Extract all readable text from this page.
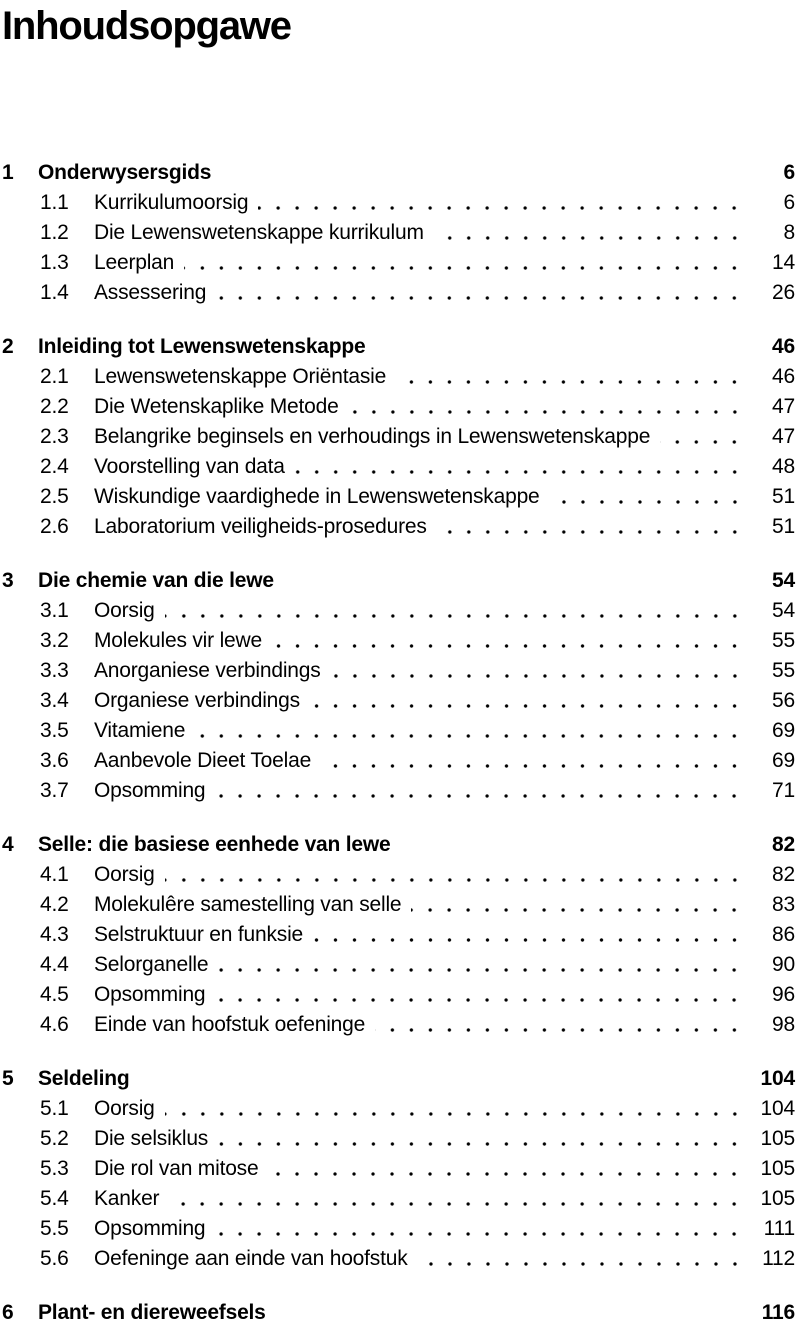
Inhoudsopgawe
1	Onderwysersgids	6
1.1	Kurrikulumoorsig	6
1.2	Die Lewenswetenskappe kurrikulum	8
1.3	Leerplan	14
1.4	Assessering	26
2	Inleiding tot Lewenswetenskappe	46
2.1	Lewenswetenskappe Oriëntasie	46
2.2	Die Wetenskaplike Metode	47
2.3	Belangrike beginsels en verhoudings in Lewenswetenskappe	47
2.4	Voorstelling van data	48
2.5	Wiskundige vaardighede in Lewenswetenskappe	51
2.6	Laboratorium veiligheids-prosedures	51
3	Die chemie van die lewe	54
3.1	Oorsig	54
3.2	Molekules vir lewe	55
3.3	Anorganiese verbindings	55
3.4	Organiese verbindings	56
3.5	Vitamiene	69
3.6	Aanbevole Dieet Toelae	69
3.7	Opsomming	71
4	Selle: die basiese eenhede van lewe	82
4.1	Oorsig	82
4.2	Molekulêre samestelling van selle	83
4.3	Selstruktuur en funksie	86
4.4	Selorganelle	90
4.5	Opsomming	96
4.6	Einde van hoofstuk oefeninge	98
5	Seldeling	104
5.1	Oorsig	104
5.2	Die selsiklus	105
5.3	Die rol van mitose	105
5.4	Kanker	105
5.5	Opsomming	111
5.6	Oefeninge aan einde van hoofstuk	112
6	Plant- en diereweefsels	116
